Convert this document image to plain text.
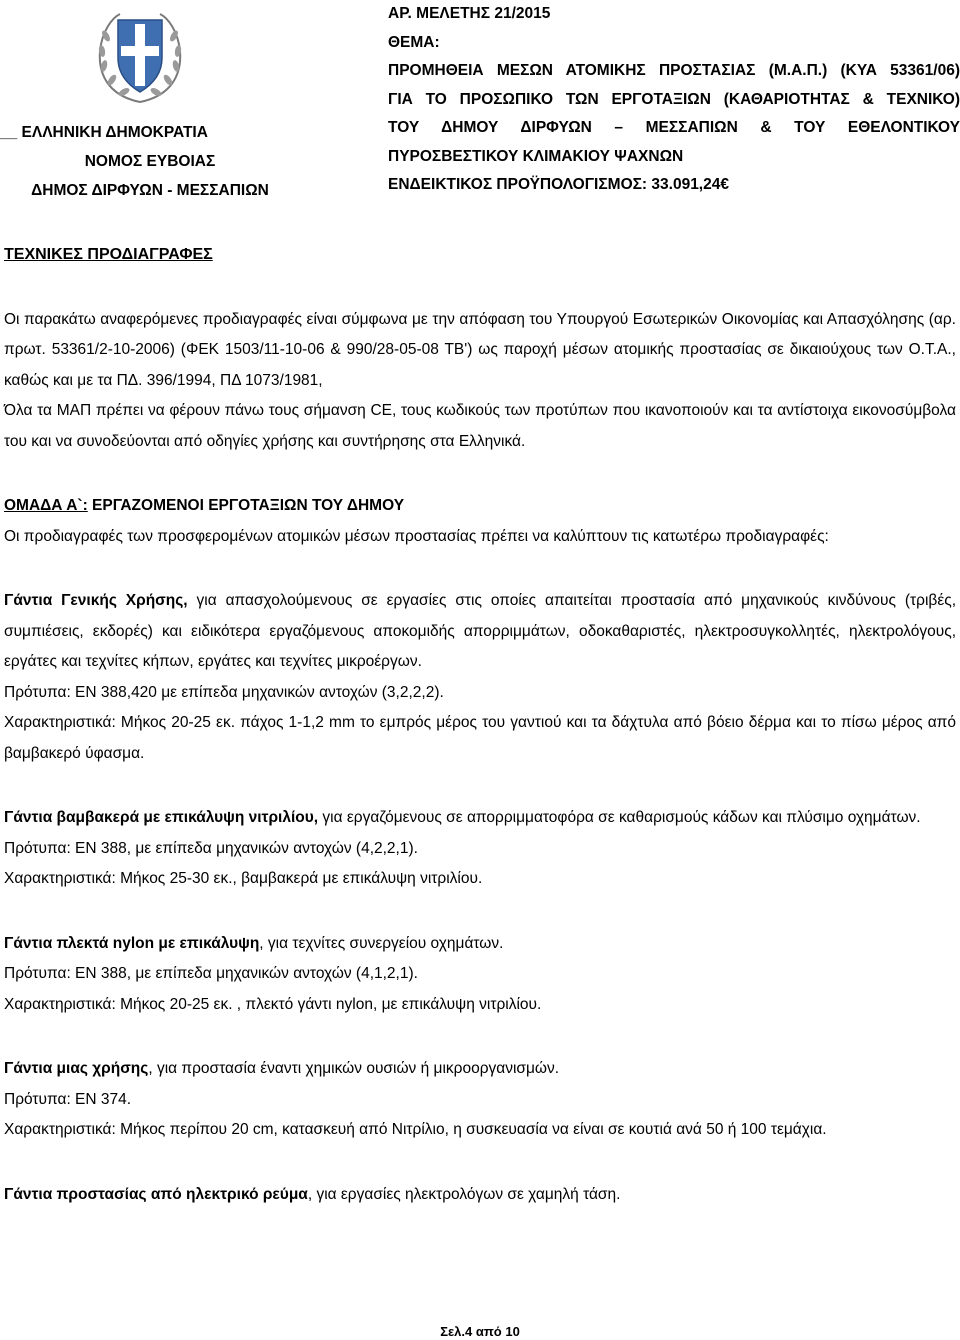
__ ΕΛΛΗΝΙΚΗ ΔΗΜΟΚΡΑΤΙΑ
ΝΟΜΟΣ ΕΥΒΟΙΑΣ
ΔΗΜΟΣ ΔΙΡΦΥΩΝ - ΜΕΣΣΑΠΙΩΝ
ΑΡ. ΜΕΛΕΤΗΣ 21/2015
ΘΕΜΑ:
ΠΡΟΜΗΘΕΙΑ ΜΕΣΩΝ ΑΤΟΜΙΚΗΣ ΠΡΟΣΤΑΣΙΑΣ (Μ.Α.Π.) (ΚΥΑ 53361/06)
ΓΙΑ ΤΟ ΠΡΟΣΩΠΙΚΟ ΤΩΝ ΕΡΓΟΤΑΞΙΩΝ (ΚΑΘΑΡΙΟΤΗΤΑΣ & ΤΕΧΝΙΚΟ)
ΤΟΥ ΔΗΜΟΥ ΔΙΡΦΥΩΝ – ΜΕΣΣΑΠΙΩΝ & ΤΟΥ ΕΘΕΛΟΝΤΙΚΟΥ
ΠΥΡΟΣΒΕΣΤΙΚΟΥ ΚΛΙΜΑΚΙΟΥ ΨΑΧΝΩΝ
ΕΝΔΕΙΚΤΙΚΟΣ ΠΡΟΫΠΟΛΟΓΙΣΜΟΣ: 33.091,24€

ΤΕΧΝΙΚΕΣ ΠΡΟΔΙΑΓΡΑΦΕΣ

Οι παρακάτω αναφερόμενες προδιαγραφές είναι σύμφωνα με την απόφαση του Υπουργού Εσωτερικών Οικονομίας και Απασχόλησης (αρ. πρωτ. 53361/2-10-2006) (ΦΕΚ 1503/11-10-06 & 990/28-05-08 ΤΒ') ως παροχή μέσων ατομικής προστασίας σε δικαιούχους των Ο.Τ.Α., καθώς και με τα ΠΔ. 396/1994, ΠΔ 1073/1981,

Όλα τα ΜΑΠ πρέπει να φέρουν πάνω τους σήμανση CE, τους κωδικούς των προτύπων που ικανοποιούν και τα αντίστοιχα εικονοσύμβολα του και να συνοδεύονται από οδηγίες χρήσης και συντήρησης στα Ελληνικά.

ΟΜΑΔΑ Α`: ΕΡΓΑΖΟΜΕΝΟΙ ΕΡΓΟΤΑΞΙΩΝ ΤΟΥ ΔΗΜΟΥ

Οι προδιαγραφές των προσφερομένων ατομικών μέσων προστασίας πρέπει να καλύπτουν τις κατωτέρω προδιαγραφές:

Γάντια Γενικής Χρήσης, για απασχολούμενους σε εργασίες στις οποίες απαιτείται προστασία από μηχανικούς κινδύνους (τριβές, συμπιέσεις, εκδορές) και ειδικότερα εργαζόμενους αποκομιδής απορριμμάτων, οδοκαθαριστές, ηλεκτροσυγκολλητές, ηλεκτρολόγους, εργάτες και τεχνίτες κήπων, εργάτες και τεχνίτες μικροέργων.

Πρότυπα: EN 388,420 με επίπεδα μηχανικών αντοχών (3,2,2,2).

Χαρακτηριστικά: Μήκος 20-25 εκ. πάχος 1-1,2 mm το εμπρός μέρος του γαντιού και τα δάχτυλα από βόειο δέρμα και το πίσω μέρος από βαμβακερό ύφασμα.

Γάντια βαμβακερά με επικάλυψη νιτριλίου, για εργαζόμενους σε απορριμματοφόρα σε καθαρισμούς κάδων και πλύσιμο οχημάτων.

Πρότυπα: EN 388, με επίπεδα μηχανικών αντοχών (4,2,2,1).

Χαρακτηριστικά: Μήκος 25-30 εκ., βαμβακερά με επικάλυψη νιτριλίου.

Γάντια πλεκτά nylon με επικάλυψη, για τεχνίτες συνεργείου οχημάτων.

Πρότυπα: EN 388, με επίπεδα μηχανικών αντοχών (4,1,2,1).

Χαρακτηριστικά: Μήκος 20-25 εκ. , πλεκτό γάντι nylon, με επικάλυψη νιτριλίου.

Γάντια μιας χρήσης, για προστασία έναντι χημικών ουσιών ή μικροοργανισμών.

Πρότυπα: EN 374.

Χαρακτηριστικά: Μήκος περίπου 20 cm, κατασκευή από Νιτρίλιο, η συσκευασία να είναι σε κουτιά ανά 50 ή 100 τεμάχια.

Γάντια προστασίας από ηλεκτρικό ρεύμα, για εργασίες ηλεκτρολόγων σε χαμηλή τάση.

Σελ.4 από 10
